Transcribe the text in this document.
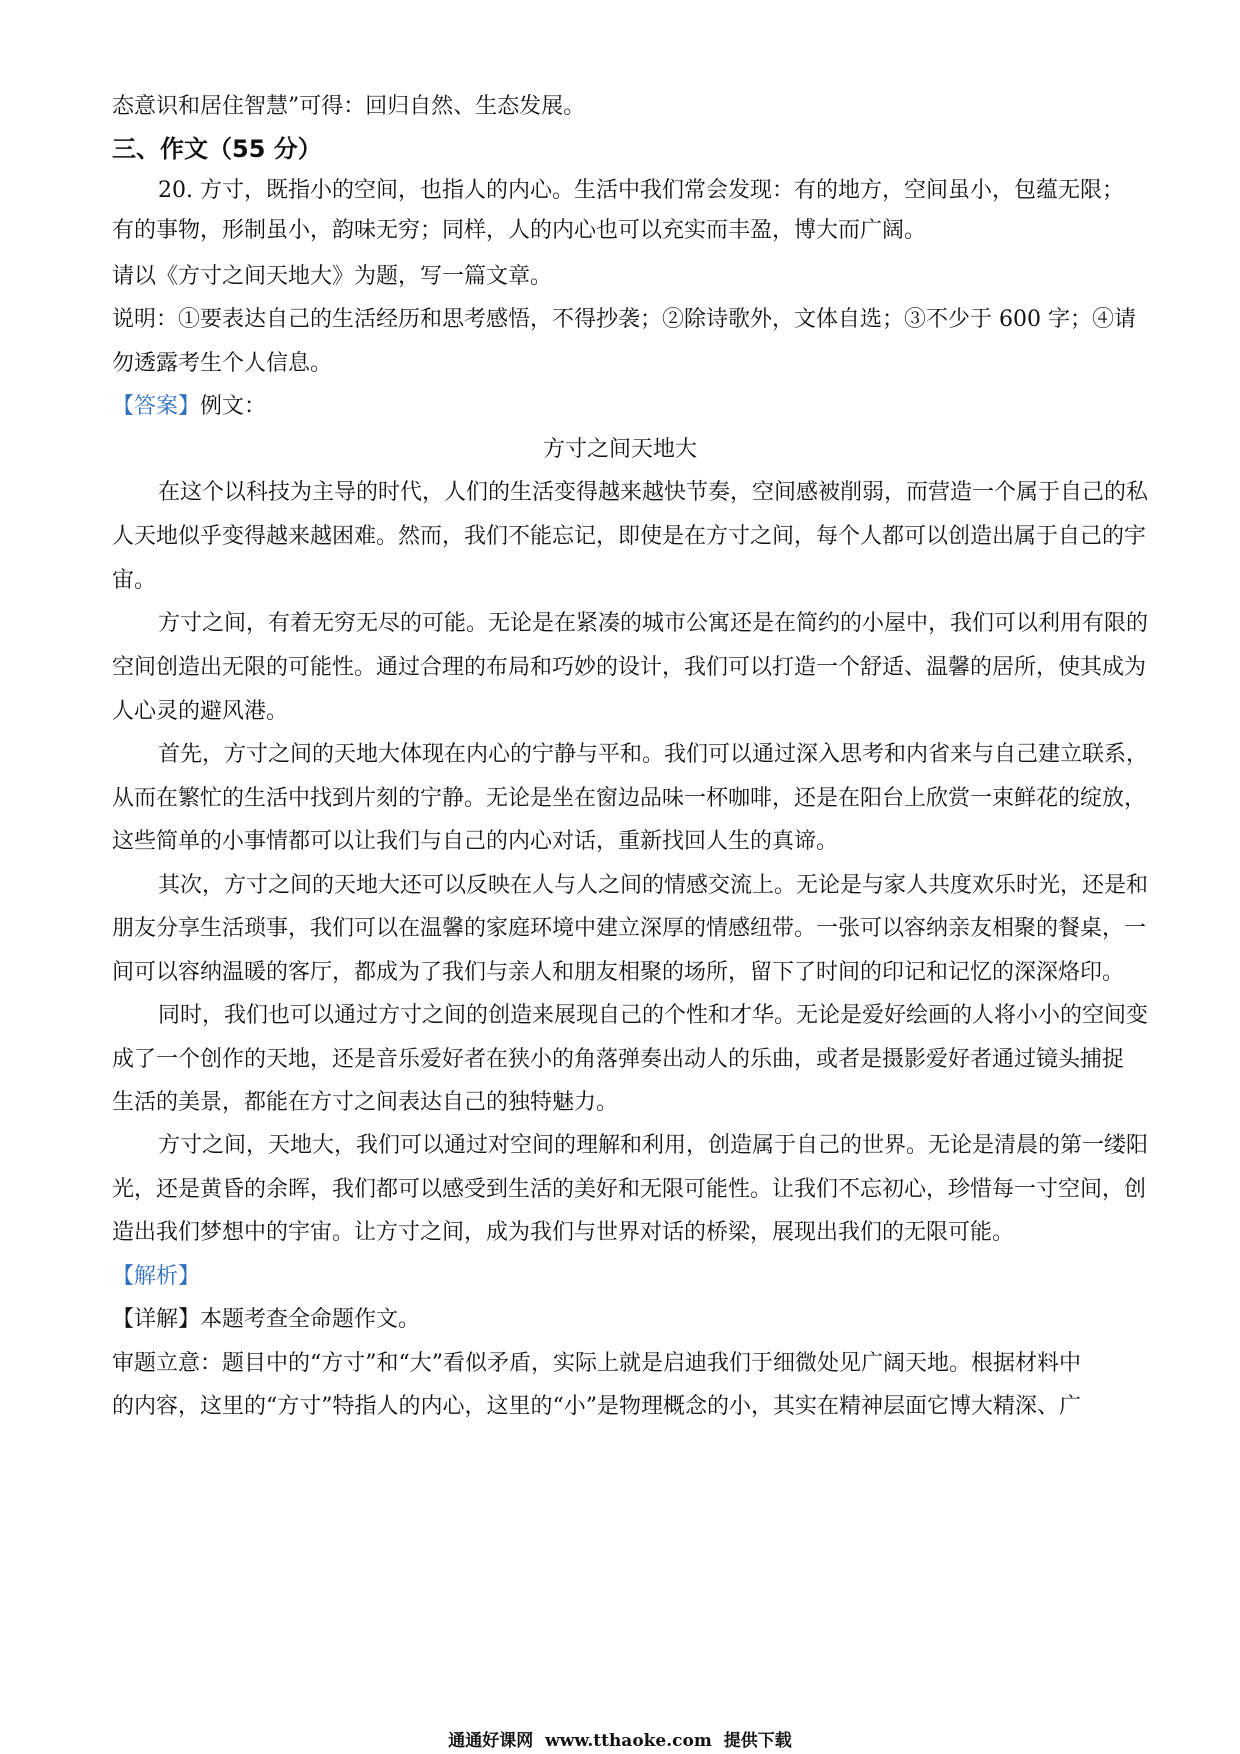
态意识和居住智慧”可得：回归自然、生态发展。
三、作文（55 分）
20. 方寸，既指小的空间，也指人的内心。生活中我们常会发现：有的地方，空间虽小，包蕴无限；
有的事物，形制虽小，韵味无穷；同样，人的内心也可以充实而丰盈，博大而广阔。
请以《方寸之间天地大》为题，写一篇文章。
说明：①要表达自己的生活经历和思考感悟，不得抄袭；②除诗歌外，文体自选；③不少于 600 字；④请
勿透露考生个人信息。
【答案】例文：
方寸之间天地大
在这个以科技为主导的时代，人们的生活变得越来越快节奏，空间感被削弱，而营造一个属于自己的私
人天地似乎变得越来越困难。然而，我们不能忘记，即使是在方寸之间，每个人都可以创造出属于自己的宇
宙。
方寸之间，有着无穷无尽的可能。无论是在紧凑的城市公寓还是在简约的小屋中，我们可以利用有限的
空间创造出无限的可能性。通过合理的布局和巧妙的设计，我们可以打造一个舒适、温馨的居所，使其成为
人心灵的避风港。
首先，方寸之间的天地大体现在内心的宁静与平和。我们可以通过深入思考和内省来与自己建立联系，
从而在繁忙的生活中找到片刻的宁静。无论是坐在窗边品味一杯咖啡，还是在阳台上欣赏一束鲜花的绽放，
这些简单的小事情都可以让我们与自己的内心对话，重新找回人生的真谛。
其次，方寸之间的天地大还可以反映在人与人之间的情感交流上。无论是与家人共度欢乐时光，还是和
朋友分享生活琐事，我们可以在温馨的家庭环境中建立深厚的情感纽带。一张可以容纳亲友相聚的餐桌，一
间可以容纳温暖的客厅，都成为了我们与亲人和朋友相聚的场所，留下了时间的印记和记忆的深深烙印。
同时，我们也可以通过方寸之间的创造来展现自己的个性和才华。无论是爱好绘画的人将小小的空间变
成了一个创作的天地，还是音乐爱好者在狭小的角落弹奏出动人的乐曲，或者是摄影爱好者通过镜头捕捉
生活的美景，都能在方寸之间表达自己的独特魅力。
方寸之间，天地大，我们可以通过对空间的理解和利用，创造属于自己的世界。无论是清晨的第一缕阳
光，还是黄昏的余晖，我们都可以感受到生活的美好和无限可能性。让我们不忘初心，珍惜每一寸空间，创
造出我们梦想中的宇宙。让方寸之间，成为我们与世界对话的桥梁，展现出我们的无限可能。
【解析】
【详解】本题考查全命题作文。
审题立意：题目中的“方寸”和“大”看似矛盾，实际上就是启迪我们于细微处见广阔天地。根据材料中
的内容，这里的“方寸”特指人的内心，这里的“小”是物理概念的小，其实在精神层面它博大精深、广
通通好课网 www.tthaoke.com 提供下载
